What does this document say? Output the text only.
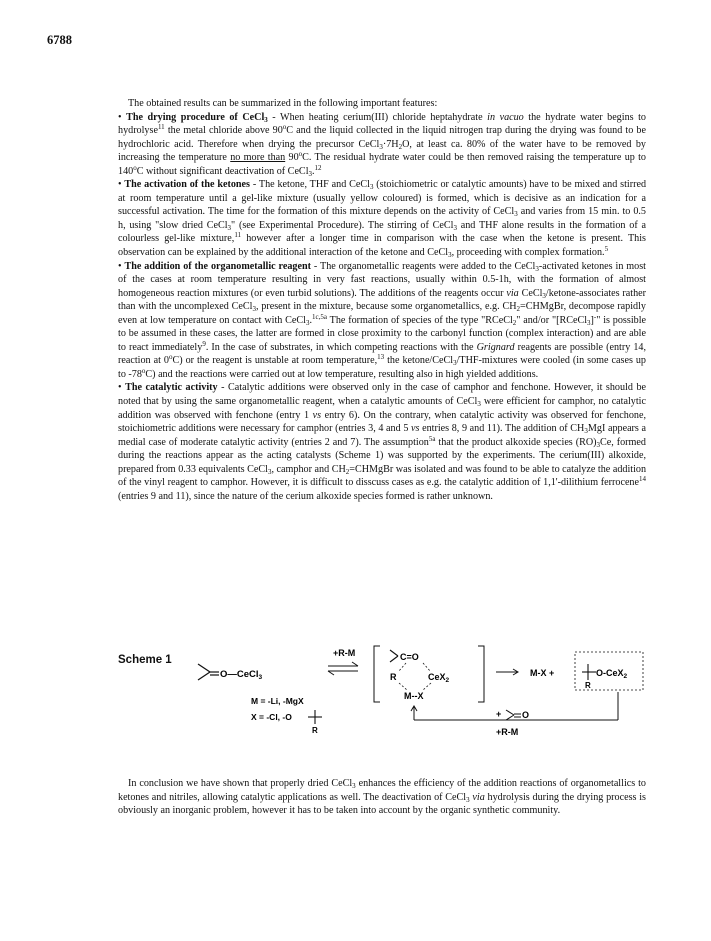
6788

The obtained results can be summarized in the following important features:

• The drying procedure of CeCl$_3$ - When heating cerium(III) chloride heptahydrate in vacuo the hydrate water begins to hydrolyse$^{11}$ the metal chloride above 90$^o$C and the liquid collected in the liquid nitrogen trap during the drying was found to be hydrochloric acid. Therefore when drying the precursor $CeCl_3\cdot 7H_2O$, at least ca. 80% of the water have to be removed by increasing the temperature no more than 90$^o$C. The residual hydrate water could be then removed raising the temperature up to 140$^o$C without significant deactivation of CeCl$_3$.$^{12}$

• The activation of the ketones - The ketone, THF and CeCl$_3$ (stoichiometric or catalytic amounts) have to be mixed and stirred at room temperature until a gel-like mixture (usually yellow coloured) is formed, which is decisive as an indication for a successful activation. The time for the formation of this mixture depends on the activity of CeCl$_3$ and varies from 15 min. to 0.5 h, using "slow dried CeCl$_3$" (see Experimental Procedure). The stirring of CeCl$_3$ and THF alone results in the formation of a colourless gel-like mixture,$^{11}$ however after a longer time in comparison with the case when the ketone is present. This observation can be explained by the additional interaction of the ketone and CeCl$_3$, proceeding with complex formation.$^5$

• The addition of the organometallic reagent - The organometallic reagents were added to the CeCl$_3$-activated ketones in most of the cases at room temperature resulting in very fast reactions, usually within 0.5-1h, with the formation of almost homogeneous reaction mixtures (or even turbid solutions). The additions of the reagents occur via CeCl$_3$/ketone-associates rather than with the uncomplexed CeCl$_3$, present in the mixture, because some organometallics, e.g. $CH_2=CHMgBr$, decompose rapidly even at low temperature on contact with CeCl$_3$.$^{1c,5a}$ The formation of species of the type "RCeCl$_2$" and/or "[RCeCl$_3$]-" is possible to be assumed in these cases, the latter are formed in close proximity to the carbonyl function (complex interaction) and are able to react immediately$^9$. In the case of substrates, in which competing reactions with the Grignard reagents are possible (entry 14, reaction at 0$^o$C) or the reagent is unstable at room temperature,$^{13}$ the ketone/CeCl$_3$/THF-mixtures were cooled (in some cases up to -78$^o$C) and the reactions were carried out at low temperature, resulting also in high yielded additions.

• The catalytic activity - Catalytic additions were observed only in the case of camphor and fenchone. However, it should be noted that by using the same organometallic reagent, when a catalytic amounts of CeCl$_3$ were efficient for camphor, no catalytic addition was observed with fenchone (entry 1 vs entry 6). On the contrary, when catalytic activity was observed for fenchone, stoichiometric additions were necessary for camphor (entries 3, 4 and 5 vs entries 8, 9 and 11). The addition of $CH_3MgI$ appears a medial case of moderate catalytic activity (entries 2 and 7). The assumption$^{5a}$ that the product alkoxide species $(RO)_3Ce$, formed during the reactions appear as the acting catalysts (Scheme 1) was supported by the experiments. The cerium(III) alkoxide, prepared from 0.33 equivalents CeCl$_3$, camphor and $CH_2=CHMgBr$ was isolated and was found to be able to catalyze the addition of the vinyl reagent to camphor. However, it is difficult to disscuss cases as e.g. the catalytic addition of 1,1'-dilithium ferrocene$^{14}$ (entries 9 and 11), since the nature of the cerium alkoxide species formed is rather unknown.

Scheme 1
O—CeCl$_3$
+R-M	C=O
R	CeX$_2$
M--X
M-X +	O-CeX$_2$
R
M = -Li, -MgX
X = -Cl, -O
R
+ O
+R-M

In conclusion we have shown that properly dried CeCl$_3$ enhances the efficiency of the addition reactions of organometallics to ketones and nitriles, allowing catalytic applications as well. The deactivation of CeCl$_3$ via hydrolysis during the drying process is obviously an inorganic problem, however it has to be taken into account by the organic synthetic community.
